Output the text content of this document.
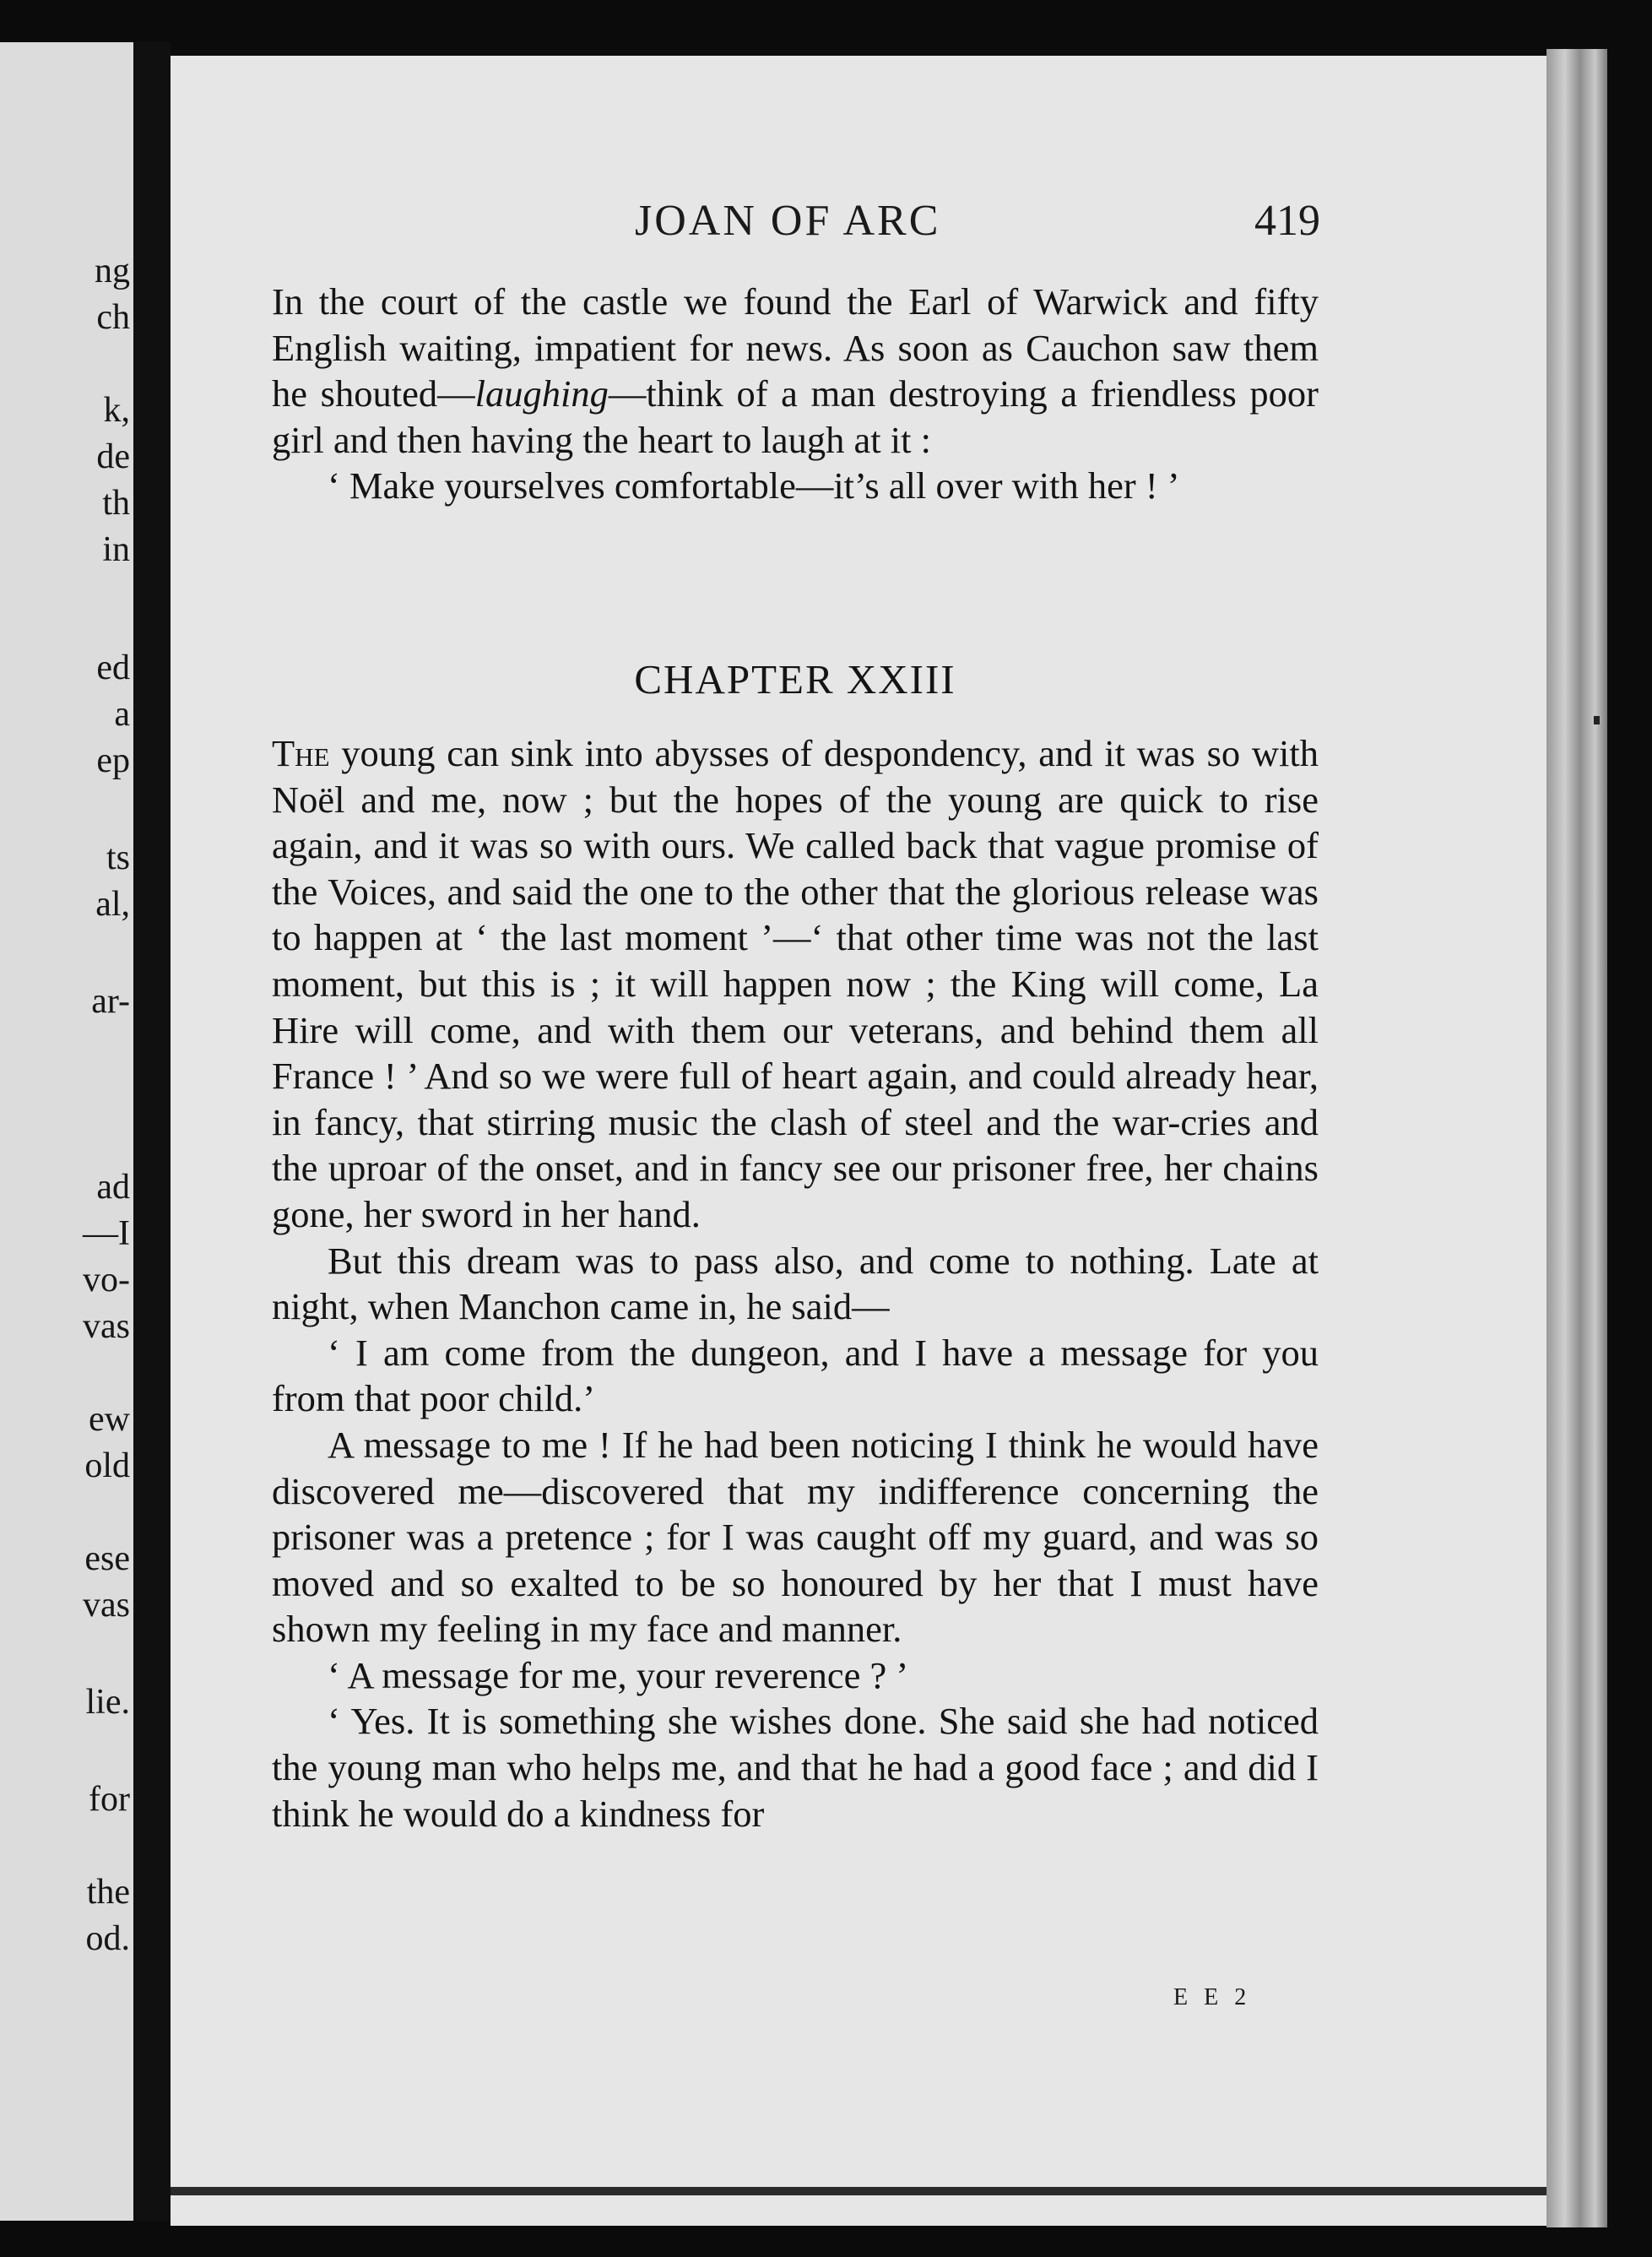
ng
ch
k,
de
th
in
ed
a
ep
ts
al,
ar-
ad
—I
vo-
vas
ew
old
ese
vas
lie.
for
the
od.
JOAN OF ARC	419

In the court of the castle we found the Earl of Warwick and fifty English waiting, impatient for news. As soon as Cauchon saw them he shouted—laughing—think of a man destroying a friendless poor girl and then having the heart to laugh at it :

‘ Make yourselves comfortable—it’s all over with her ! ’

CHAPTER XXIII

The young can sink into abysses of despondency, and it was so with Noël and me, now ; but the hopes of the young are quick to rise again, and it was so with ours. We called back that vague promise of the Voices, and said the one to the other that the glorious release was to happen at ‘ the last moment ’—‘ that other time was not the last moment, but this is ; it will happen now ; the King will come, La Hire will come, and with them our veterans, and behind them all France ! ’ And so we were full of heart again, and could already hear, in fancy, that stirring music the clash of steel and the war-cries and the uproar of the onset, and in fancy see our prisoner free, her chains gone, her sword in her hand.

But this dream was to pass also, and come to nothing. Late at night, when Manchon came in, he said—

‘ I am come from the dungeon, and I have a message for you from that poor child.’

A message to me ! If he had been noticing I think he would have discovered me—discovered that my indifference concerning the prisoner was a pretence ; for I was caught off my guard, and was so moved and so exalted to be so honoured by her that I must have shown my feeling in my face and manner.

‘ A message for me, your reverence ? ’

‘ Yes. It is something she wishes done. She said she had noticed the young man who helps me, and that he had a good face ; and did I think he would do a kindness for

E E 2
